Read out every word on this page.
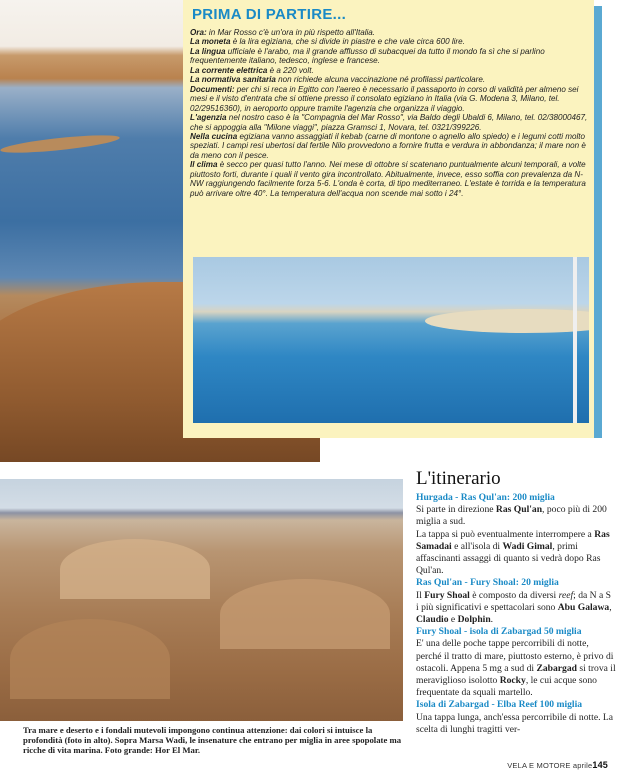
PRIMA DI PARTIRE...
Ora: in Mar Rosso c'è un'ora in più rispetto all'Italia.
La moneta è la lira egiziana, che si divide in piastre e che vale circa 600 lire.
La lingua ufficiale è l'arabo, ma il grande afflusso di subacquei da tutto il mondo fa sì che si parlino frequentemente italiano, tedesco, inglese e francese.
La corrente elettrica è a 220 volt.
La normativa sanitaria non richiede alcuna vaccinazione né profilassi particolare.
Documenti: per chi si reca in Egitto con l'aereo è necessario il passaporto in corso di validità per almeno sei mesi e il visto d'entrata che si ottiene presso il consolato egiziano in Italia (via G. Modena 3, Milano, tel. 02/29516360), in aeroporto oppure tramite l'agenzia che organizza il viaggio.
L'agenzia nel nostro caso è la "Compagnia del Mar Rosso", via Baldo degli Ubaldi 6, Milano, tel. 02/38000467, che si appoggia alla "Milone viaggi", piazza Gramsci 1, Novara, tel. 0321/399226.
Nella cucina egiziana vanno assaggiati il kebab (carne di montone o agnello allo spiedo) e i legumi cotti molto speziati. I campi resi ubertosi dal fertile Nilo provvedono a fornire frutta e verdura in abbondanza; il mare non è da meno con il pesce.
Il clima è secco per quasi tutto l'anno. Nei mese di ottobre si scatenano puntualmente alcuni temporali, a volte piuttosto forti, durante i quali il vento gira incontrollato. Abitualmente, invece, esso soffia con prevalenza da N-NW raggiungendo facilmente forza 5-6. L'onda è corta, di tipo mediterraneo. L'estate è torrida e la temperatura può arrivare oltre 40°. La temperatura dell'acqua non scende mai sotto i 24°.
Tra mare e deserto e i fondali mutevoli impongono continua attenzione: dai colori si intuisce la profondità (foto in alto). Sopra Marsa Wadi, le insenature che entrano per miglia in aree spopolate ma ricche di vita marina. Foto grande: Hor El Mar.
L'itinerario
Hurgada - Ras Qul'an: 200 miglia
Si parte in direzione Ras Qul'an, poco più di 200 miglia a sud.
La tappa si può eventualmente interrompere a Ras Samadai e all'isola di Wadi Gimal, primi affascinanti assaggi di quanto si vedrà dopo Ras Qul'an.
Ras Qul'an - Fury Shoal: 20 miglia
Il Fury Shoal è composto da diversi reef; da N a S i più significativi e spettacolari sono Abu Galawa, Claudio e Dolphin.
Fury Shoal - isola di Zabargad 50 miglia
E' una delle poche tappe percorribili di notte, perché il tratto di mare, piuttosto esterno, è privo di ostacoli. Appena 5 mg a sud di Zabargad si trova il meraviglioso isolotto Rocky, le cui acque sono frequentate da squali martello.
Isola di Zabargad - Elba Reef 100 miglia
Una tappa lunga, anch'essa percorribile di notte. La scelta di lunghi tragitti ver-
VELA E MOTORE aprile145
